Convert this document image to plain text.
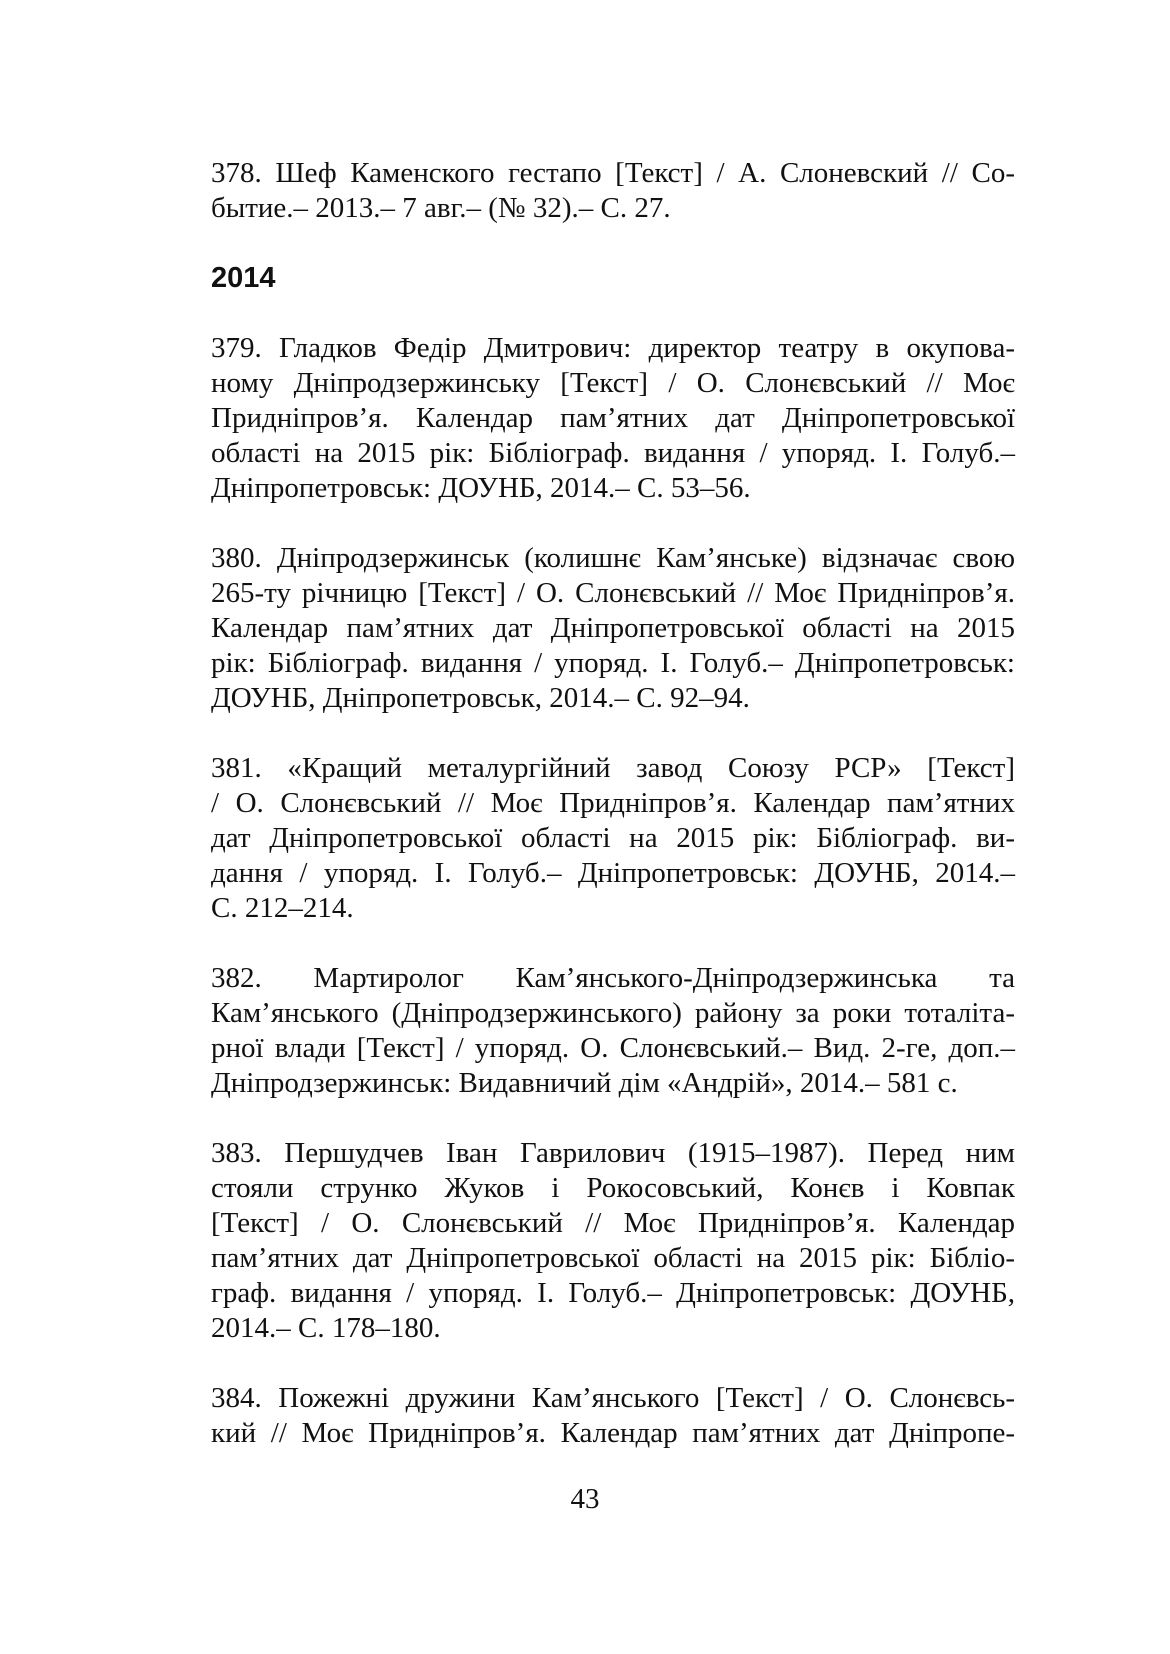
378. Шеф Каменского гестапо [Текст] / А. Слоневский // Со-
бытие.– 2013.– 7 авг.– (№ 32).– С. 27.
2014
379. Гладков Федір Дмитрович: директор театру в окупова-
ному Дніпродзержинську [Текст] / О. Слонєвський // Моє
Придніпров’я. Календар пам’ятних дат Дніпропетровської
області на 2015 рік: Бібліограф. видання / упоряд. І. Голуб.–
Дніпропетровськ: ДОУНБ, 2014.– С. 53–56.
380. Дніпродзержинськ (колишнє Кам’янське) відзначає свою
265-ту річницю [Текст] / О. Слонєвський // Моє Придніпров’я.
Календар пам’ятних дат Дніпропетровської області на 2015
рік: Бібліограф. видання / упоряд. І. Голуб.– Дніпропетровськ:
ДОУНБ, Дніпропетровськ, 2014.– С. 92–94.
381. «Кращий металургійний завод Союзу РСР» [Текст]
/ О. Слонєвський // Моє Придніпров’я. Календар пам’ятних
дат Дніпропетровської області на 2015 рік: Бібліограф. ви-
дання / упоряд. І. Голуб.– Дніпропетровськ: ДОУНБ, 2014.–
С. 212–214.
382. Мартиролог Кам’янського-Дніпродзержинська та
Кам’янського (Дніпродзержинського) району за роки тоталіта-
рної влади [Текст] / упоряд. О. Слонєвський.– Вид. 2-ге, доп.–
Дніпродзержинськ: Видавничий дім «Андрій», 2014.– 581 с.
383. Першудчев Іван Гаврилович (1915–1987). Перед ним
стояли струнко Жуков і Рокосовський, Конєв і Ковпак
[Текст] / О. Слонєвський // Моє Придніпров’я. Календар
пам’ятних дат Дніпропетровської області на 2015 рік: Бібліо-
граф. видання / упоряд. І. Голуб.– Дніпропетровськ: ДОУНБ,
2014.– С. 178–180.
384. Пожежні дружини Кам’янського [Текст] / О. Слонєвсь-
кий // Моє Придніпров’я. Календар пам’ятних дат Дніпропе-
43
